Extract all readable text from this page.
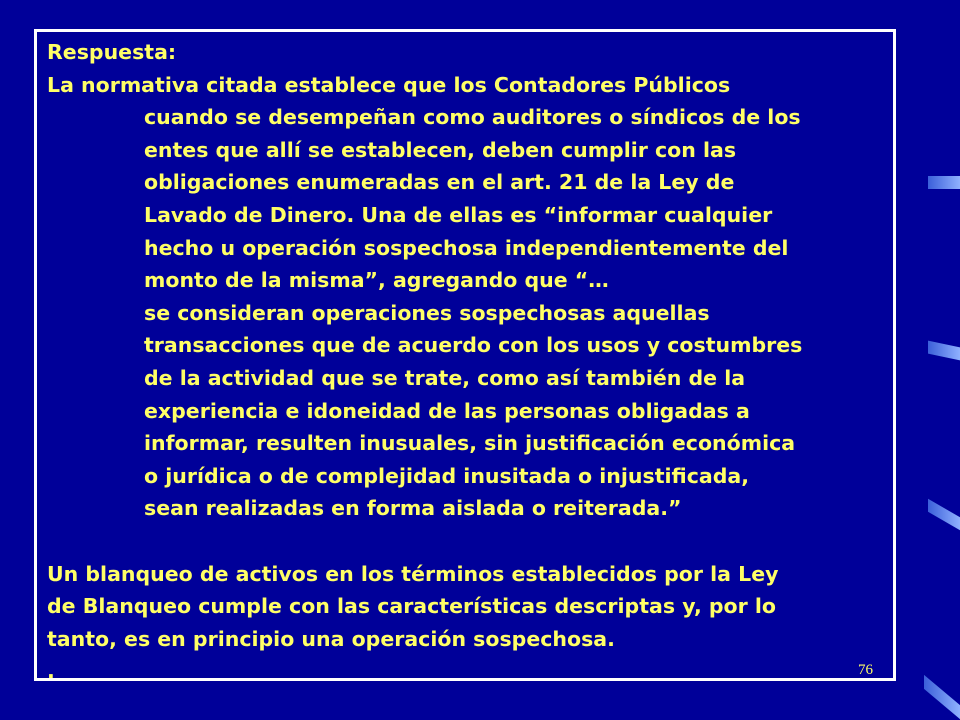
Respuesta:
La normativa citada establece que los Contadores Públicos
cuando se desempeñan como auditores o síndicos de los
entes que allí se establecen, deben cumplir con las
obligaciones enumeradas en el art. 21 de la Ley de
Lavado de Dinero. Una de ellas es “informar cualquier
hecho u operación sospechosa independientemente del
monto de la misma”, agregando que “…
se consideran operaciones sospechosas aquellas
transacciones que de acuerdo con los usos y costumbres
de la actividad que se trate, como así también de la
experiencia e idoneidad de las personas obligadas a
informar, resulten inusuales, sin justificación económica
o jurídica o de complejidad inusitada o injustificada,
sean realizadas en forma aislada o reiterada.”
Un blanqueo de activos en los términos establecidos por la Ley
de Blanqueo cumple con las características descriptas y, por lo
tanto, es en principio una operación sospechosa.
.	76
